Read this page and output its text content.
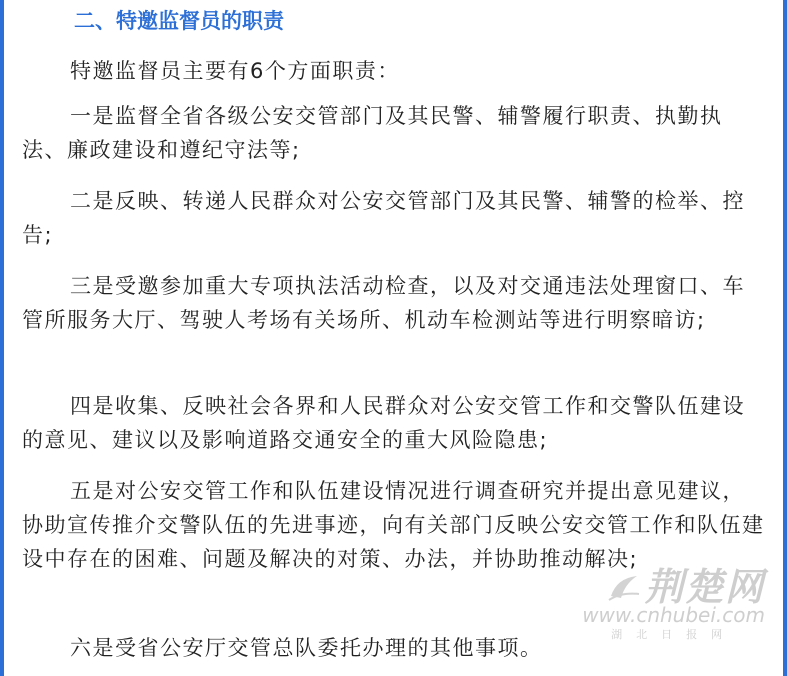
二、特邀监督员的职责

特邀监督员主要有6个方面职责：

一是监督全省各级公安交管部门及其民警、辅警履行职责、执勤执法、廉政建设和遵纪守法等;

二是反映、转递人民群众对公安交管部门及其民警、辅警的检举、控告;

三是受邀参加重大专项执法活动检查，以及对交通违法处理窗口、车管所服务大厅、驾驶人考场有关场所、机动车检测站等进行明察暗访;

四是收集、反映社会各界和人民群众对公安交管工作和交警队伍建设的意见、建议以及影响道路交通安全的重大风险隐患;

五是对公安交管工作和队伍建设情况进行调查研究并提出意见建议，协助宣传推介交警队伍的先进事迹，向有关部门反映公安交管工作和队伍建设中存在的困难、问题及解决的对策、办法，并协助推动解决;

六是受省公安厅交管总队委托办理的其他事项。

荆楚网
www.cnhubei.com
湖北日报网
